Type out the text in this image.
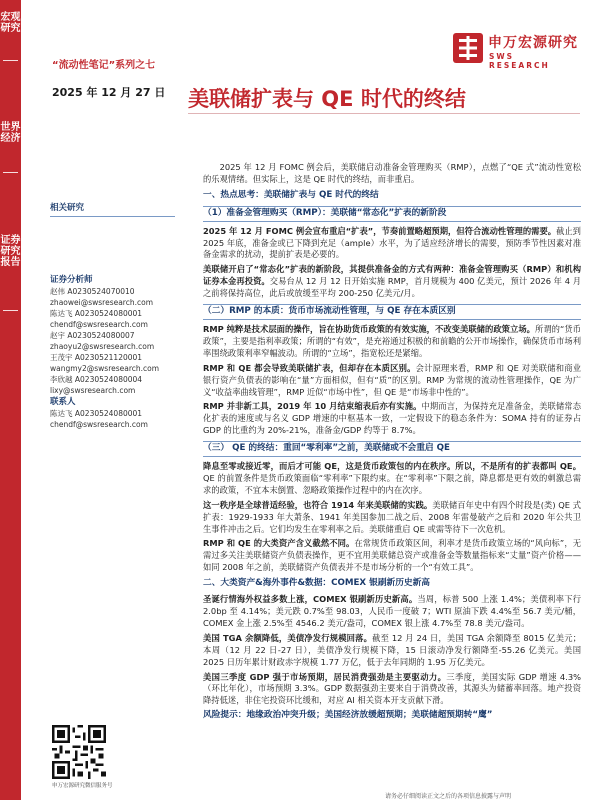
宏观研究
世界经济
证券研究报告
“流动性笔记”系列之七
2025 年 12 月 27 日
申万宏源研究
SWS RESEARCH
美联储扩表与 QE 时代的终结
相关研究
证券分析师
赵伟 A0230524070010
zhaowei@swsresearch.com
陈达飞 A0230524080001
chendf@swsresearch.com
赵宇 A0230524080007
zhaoyu2@swsresearch.com
王茂宇 A0230521120001
wangmy2@swsresearch.com
李欣越 A0230524080004
lixy@swsresearch.com
联系人
陈达飞 A0230524080001
chendf@swsresearch.com
申万宏源研究微信服务号

2025 年 12 月 FOMC 例会后，美联储启动准备金管理购买（RMP），点燃了“QE 式”流动性宽松的乐观情绪。但实际上，这是 QE 时代的终结，而非重启。

一、热点思考：美联储扩表与 QE 时代的终结
（1）准备金管理购买（RMP）：美联储“常态化”扩表的新阶段

2025 年 12 月 FOMC 例会宣布重启“扩表”，节奏前置略超预期，但符合流动性管理的需要。截止到 2025 年底，准备金或已下降到充足（ample）水平，为了适应经济增长的需要，预防季节性因素对准备金需求的扰动，提前扩表是必要的。

美联储开启了“常态化”扩表的新阶段，其提供准备金的方式有两种：准备金管理购买（RMP）和机构证券本金再投资。交易台从 12 月 12 日开始实施 RMP，首月规模为 400 亿美元，预计 2026 年 4 月之前将保持高位，此后或放缓至平均 200-250 亿美元/月。

（二）RMP 的本质：货币市场流动性管理，与 QE 存在本质区别

RMP 纯粹是技术层面的操作，旨在协助货币政策的有效实施，不改变美联储的政策立场。所谓的“货币政策”，主要是指利率政策；所谓的“有效”，是充裕通过积极的和前瞻的公开市场操作，确保货币市场利率围绕政策利率窄幅波动。所谓的“立场”，指宽松还是紧缩。

RMP 和 QE 都会导致美联储扩表，但却存在本质区别。会计原理来看，RMP 和 QE 对美联储和商业银行资产负债表的影响在“量”方面相似，但有“质”的区别。RMP 为常规的流动性管理操作，QE 为广义“收益率曲线管理”，RMP 近似“市场中性”，但 QE 是“市场非中性的”。

RMP 并非新工具，2019 年 10 月结束缩表后亦有实施。中期而言，为保持充足准备金，美联储常态化扩表的速度或与名义 GDP 增速的中枢基本一致，一定假设下的稳态条件为：SOMA 持有的证券占 GDP 的比重约为 20%-21%，准备金/GDP 约等于 8.7%。

（三） QE 的终结：重回“零利率”之前，美联储或不会重启 QE

降息至零或接近零，而后才可能 QE，这是货币政策包的内在秩序。所以，不是所有的扩表都叫 QE。QE 的前置条件是货币政策面临“零利率”下限约束。在“零利率”下限之前，降息都是更有效的刺激总需求的政策，不宜本末倒置、忽略政策操作过程中的内在次序。

这一秩序是全球普适经验，也符合 1914 年来美联储的实践。美联储百年史中有四个时段是(类) QE 式扩表：1929-1933 年大萧条、1941 年美国参加二战之后、2008 年雷曼破产之后和 2020 年公共卫生事件冲击之后。它们均发生在零利率之后。美联储重启 QE 或需等待下一次危机。

RMP 和 QE 的大类资产含义截然不同。在常规货币政策区间，利率才是货币政策立场的“风向标”，无需过多关注美联储资产负债表操作，更不宜用美联储总资产或准备金等数量指标来“丈量”资产价格——如同 2008 年之前，美联储资产负债表并不是市场分析的一个“有效工具”。

二、大类资产&海外事件&数据：COMEX 银刷新历史新高

圣诞行情海外权益多数上涨，COMEX 银刷新历史新高。当周，标普 500 上涨 1.4%；美债利率下行 2.0bp 至 4.14%；美元跌 0.7%至 98.03，人民币一度破 7；WTI 原油下跌 4.4%至 56.7 美元/桶，COMEX 金上涨 2.5%至 4546.2 美元/盎司，COMEX 银上涨 4.7%至 78.8 美元/盎司。

美国 TGA 余额降低，美债净发行规模回落。截至 12 月 24 日，美国 TGA 余额降至 8015 亿美元；本周（12 月 22 日-27 日），美债净发行规模下降，15 日滚动净发行额降至-55.26 亿美元。美国 2025 日历年累计财政赤字规模 1.77 万亿，低于去年同期的 1.95 万亿美元。

美国三季度 GDP 强于市场预期，居民消费强劲是主要驱动力。三季度，美国实际 GDP 增速 4.3%（环比年化），市场预期 3.3%。GDP 数据强劲主要来自于消费改善，其源头为储蓄率回落。地产投资降持低迷，非住宅投资环比缓和，对应 AI 相关资本开支贡献下滑。

风险提示：地缘政治冲突升级；美国经济放缓超预期；美联储超预期转“鹰”
请务必仔细阅读正文之后的各项信息披露与声明
